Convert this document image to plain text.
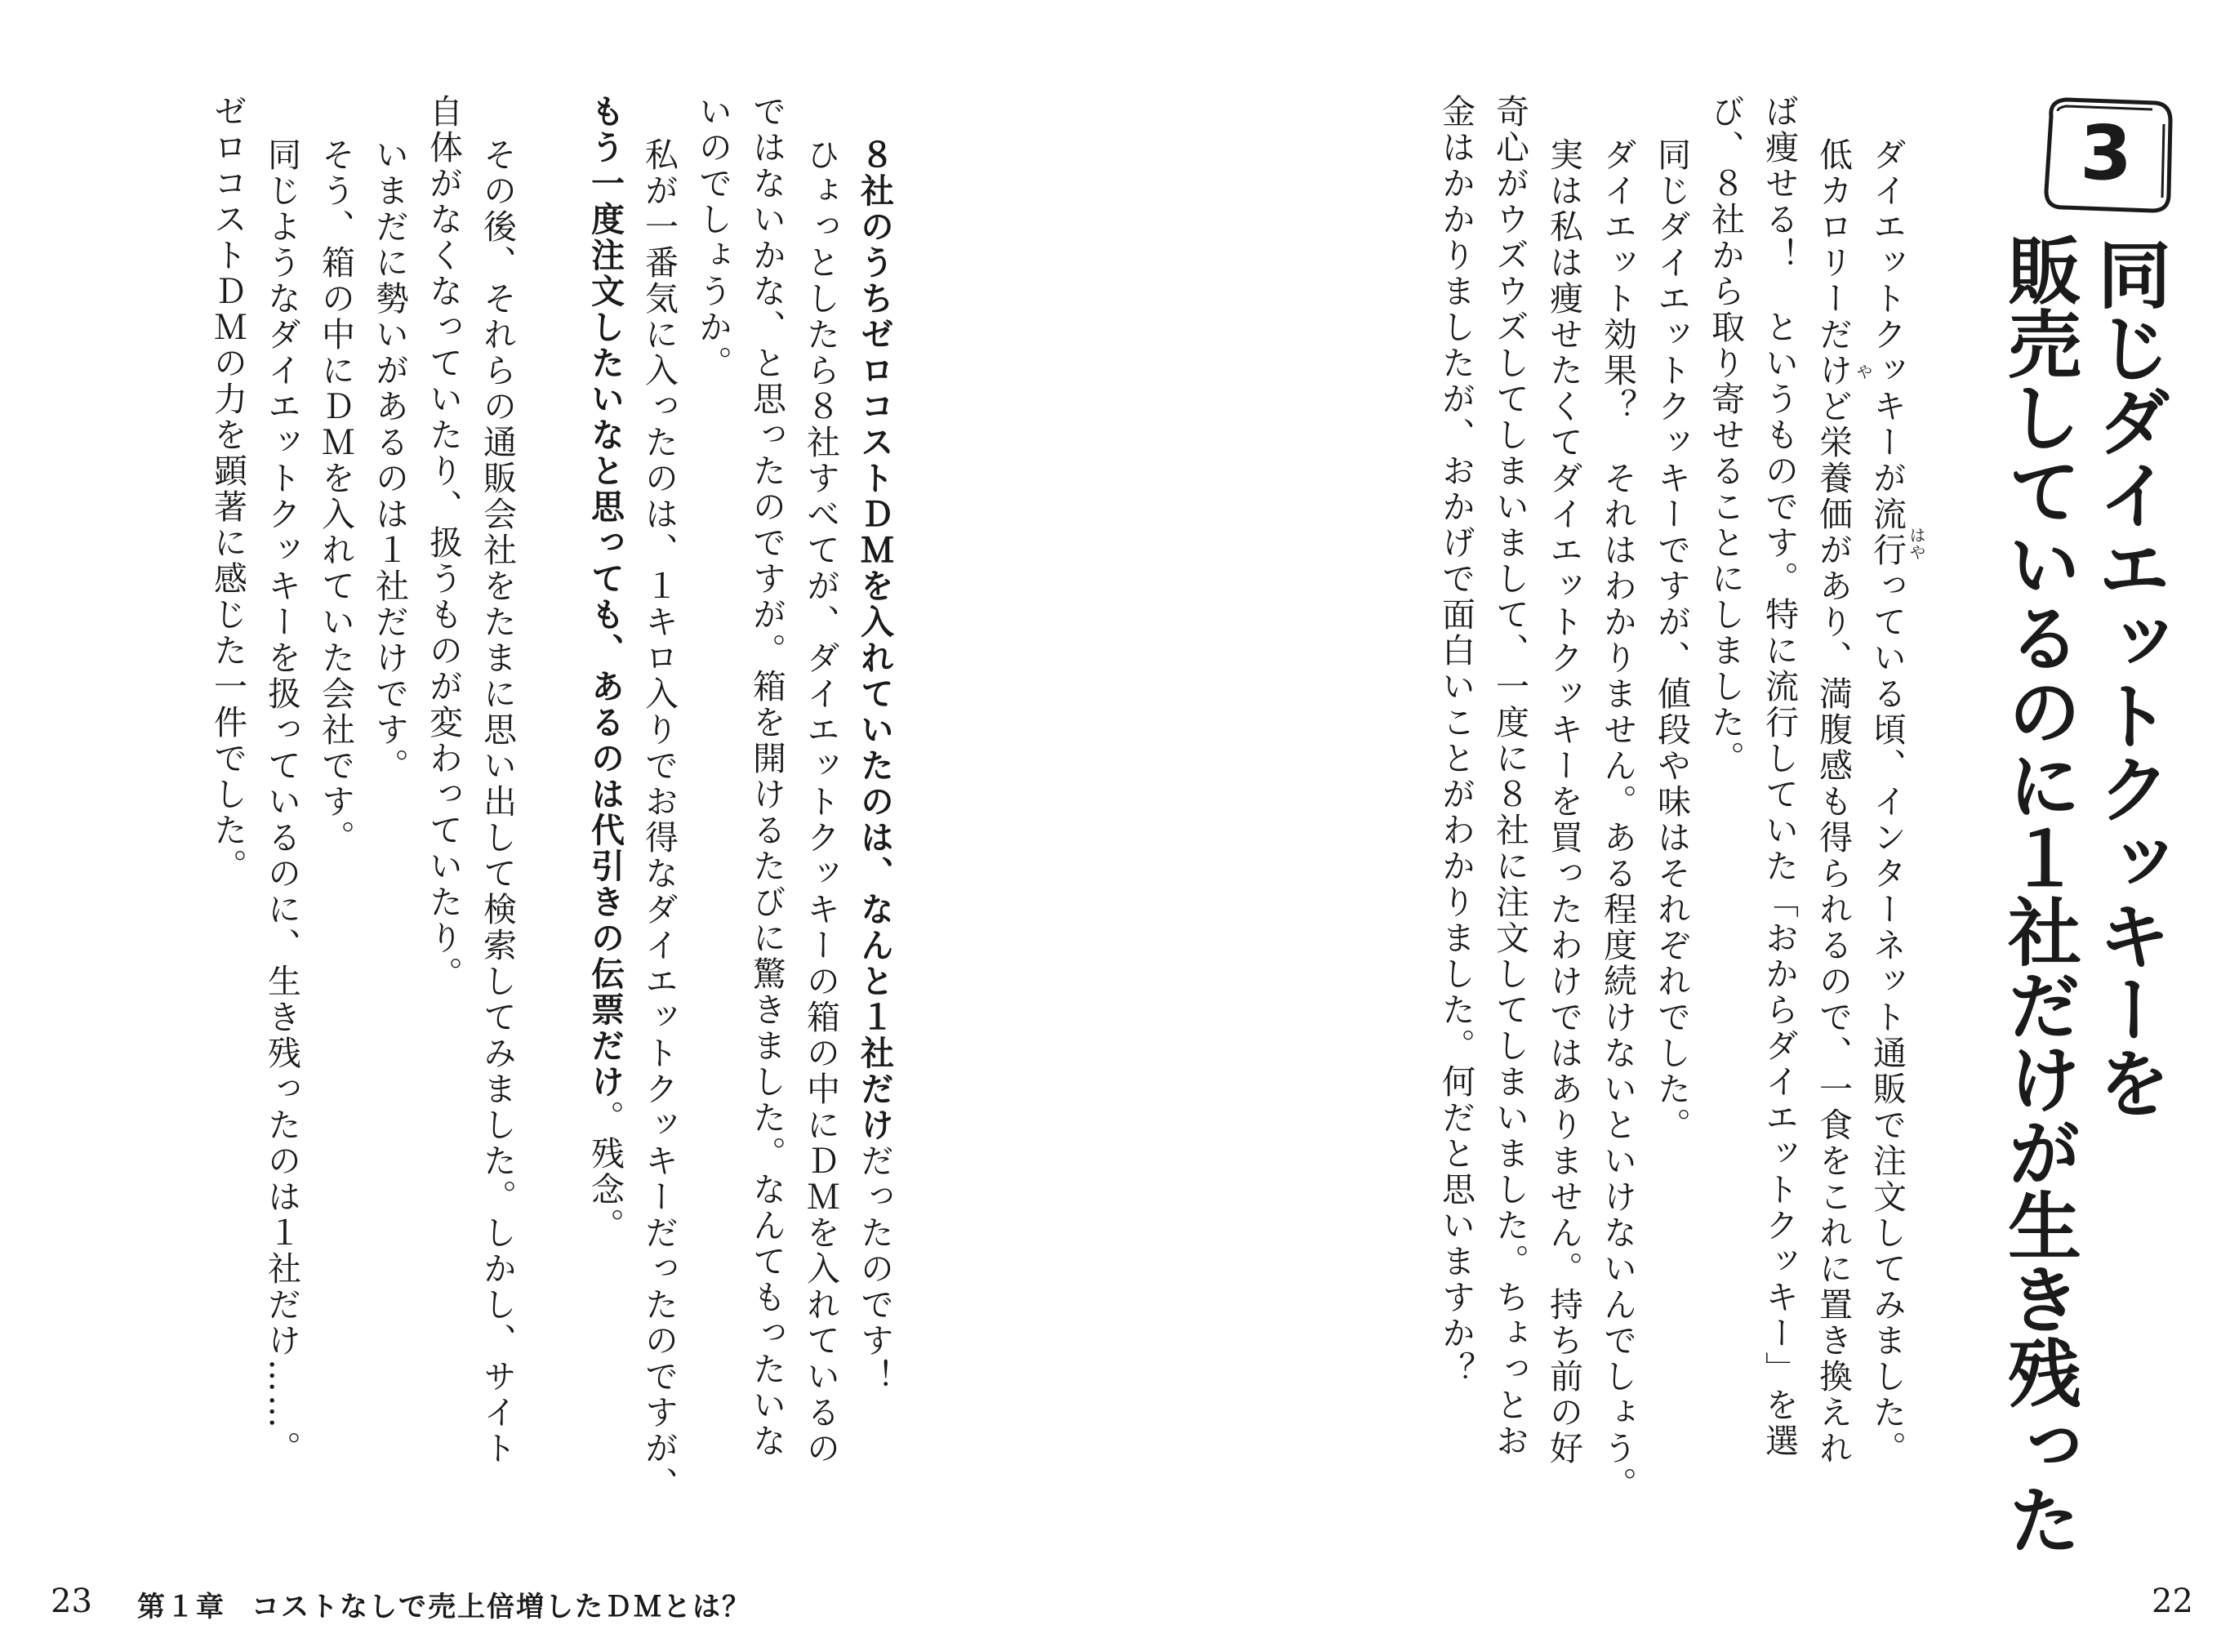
3
同じダイエットクッキーを
販売しているのに１社だけが生き残った
はや
や
ダイエットクッキーが流行っている頃、インターネット通販で注文してみました。
低カロリーだけど栄養価があり、満腹感も得られるので、一食をこれに置き換えれ
ば痩せる！　というものです。特に流行していた「おからダイエットクッキー」を選
び、８社から取り寄せることにしました。
同じダイエットクッキーですが、値段や味はそれぞれでした。
ダイエット効果？　それはわかりません。ある程度続けないといけないんでしょう。
実は私は痩せたくてダイエットクッキーを買ったわけではありません。持ち前の好
奇心がウズウズしてしまいまして、一度に８社に注文してしまいました。ちょっとお
金はかかりましたが、おかげで面白いことがわかりました。何だと思いますか？
22
８社のうちゼロコストＤＭを入れていたのは、なんと１社だけだったのです！
ひょっとしたら８社すべてが、ダイエットクッキーの箱の中にＤＭを入れているの
ではないかな、と思ったのですが。箱を開けるたびに驚きました。なんてもったいな
いのでしょうか。
私が一番気に入ったのは、１キロ入りでお得なダイエットクッキーだったのですが、
もう一度注文したいなと思っても、あるのは代引きの伝票だけ。残念。
その後、それらの通販会社をたまに思い出して検索してみました。しかし、サイト
自体がなくなっていたり、扱うものが変わっていたり。
いまだに勢いがあるのは１社だけです。
そう、箱の中にＤＭを入れていた会社です。
同じようなダイエットクッキーを扱っているのに、生き残ったのは１社だけ……。
ゼロコストＤＭの力を顕著に感じた一件でした。
23 第１章 コストなしで売上倍増したＤＭとは？
